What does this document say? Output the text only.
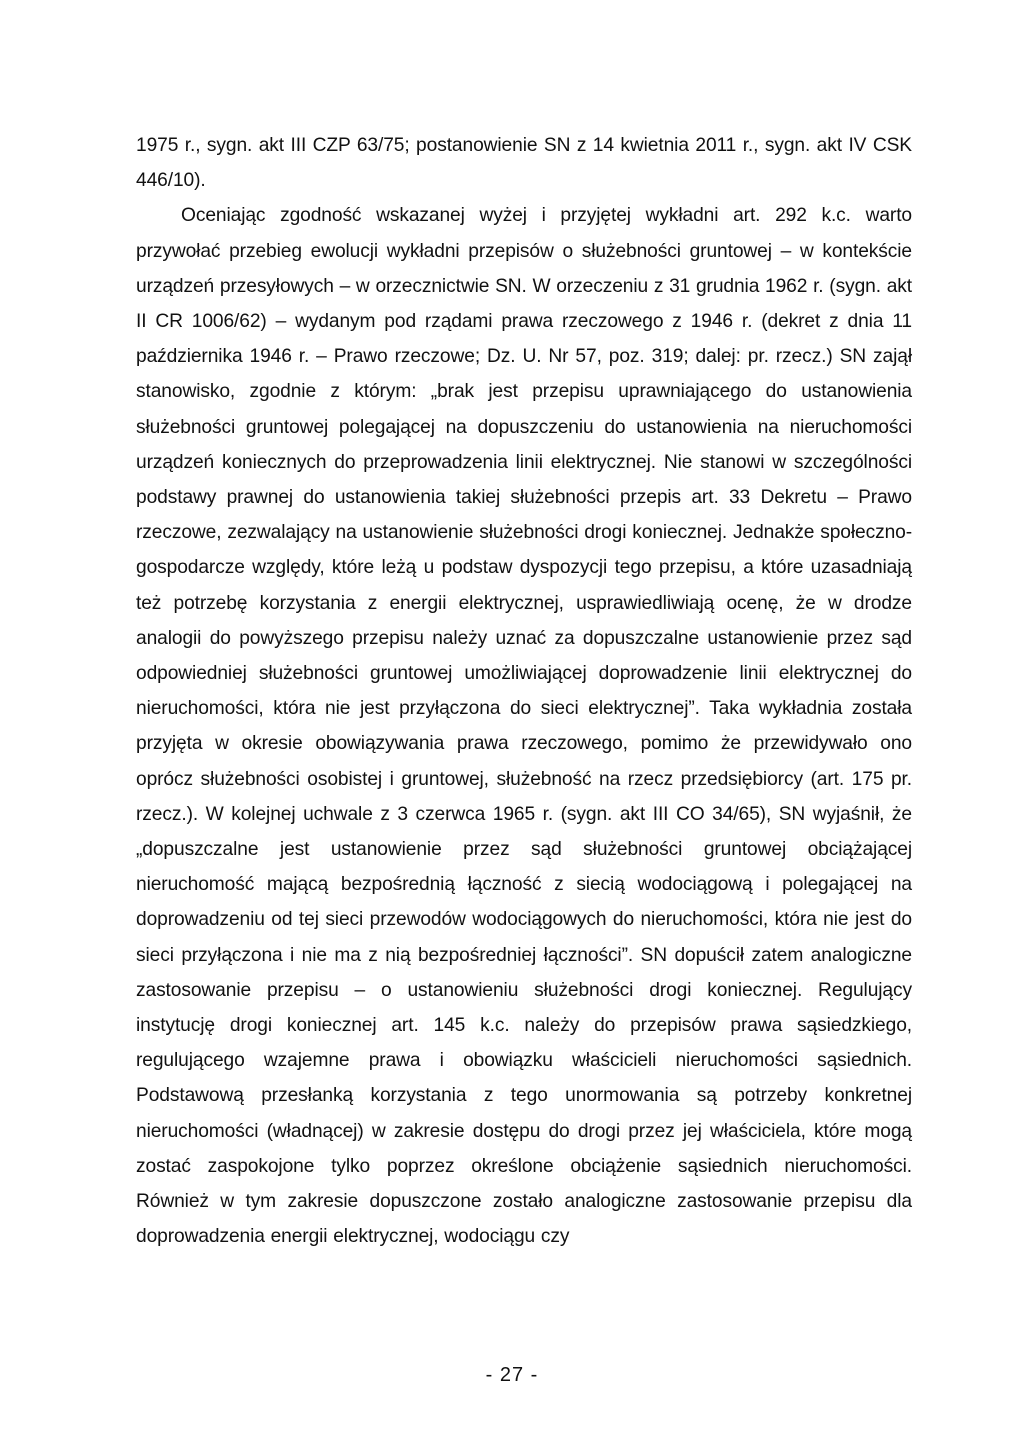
1975 r., sygn. akt III CZP 63/75; postanowienie SN z 14 kwietnia 2011 r., sygn. akt IV CSK 446/10).

Oceniając zgodność wskazanej wyżej i przyjętej wykładni art. 292 k.c. warto przywołać przebieg ewolucji wykładni przepisów o służebności gruntowej – w kontekście urządzeń przesyłowych – w orzecznictwie SN. W orzeczeniu z 31 grudnia 1962 r. (sygn. akt II CR 1006/62) – wydanym pod rządami prawa rzeczowego z 1946 r. (dekret z dnia 11 października 1946 r. – Prawo rzeczowe; Dz. U. Nr 57, poz. 319; dalej: pr. rzecz.) SN zajął stanowisko, zgodnie z którym: „brak jest przepisu uprawniającego do ustanowienia służebności gruntowej polegającej na dopuszczeniu do ustanowienia na nieruchomości urządzeń koniecznych do przeprowadzenia linii elektrycznej. Nie stanowi w szczególności podstawy prawnej do ustanowienia takiej służebności przepis art. 33 Dekretu – Prawo rzeczowe, zezwalający na ustanowienie służebności drogi koniecznej. Jednakże społeczno-gospodarcze względy, które leżą u podstaw dyspozycji tego przepisu, a które uzasadniają też potrzebę korzystania z energii elektrycznej, usprawiedliwiają ocenę, że w drodze analogii do powyższego przepisu należy uznać za dopuszczalne ustanowienie przez sąd odpowiedniej służebności gruntowej umożliwiającej doprowadzenie linii elektrycznej do nieruchomości, która nie jest przyłączona do sieci elektrycznej”. Taka wykładnia została przyjęta w okresie obowiązywania prawa rzeczowego, pomimo że przewidywało ono oprócz służebności osobistej i gruntowej, służebność na rzecz przedsiębiorcy (art. 175 pr. rzecz.). W kolejnej uchwale z 3 czerwca 1965 r. (sygn. akt III CO 34/65), SN wyjaśnił, że „dopuszczalne jest ustanowienie przez sąd służebności gruntowej obciążającej nieruchomość mającą bezpośrednią łączność z siecią wodociągową i polegającej na doprowadzeniu od tej sieci przewodów wodociągowych do nieruchomości, która nie jest do sieci przyłączona i nie ma z nią bezpośredniej łączności”. SN dopuścił zatem analogiczne zastosowanie przepisu – o ustanowieniu służebności drogi koniecznej. Regulujący instytucję drogi koniecznej art. 145 k.c. należy do przepisów prawa sąsiedzkiego, regulującego wzajemne prawa i obowiązku właścicieli nieruchomości sąsiednich. Podstawową przesłanką korzystania z tego unormowania są potrzeby konkretnej nieruchomości (władnącej) w zakresie dostępu do drogi przez jej właściciela, które mogą zostać zaspokojone tylko poprzez określone obciążenie sąsiednich nieruchomości. Również w tym zakresie dopuszczone zostało analogiczne zastosowanie przepisu dla doprowadzenia energii elektrycznej, wodociągu czy

- 27 -
